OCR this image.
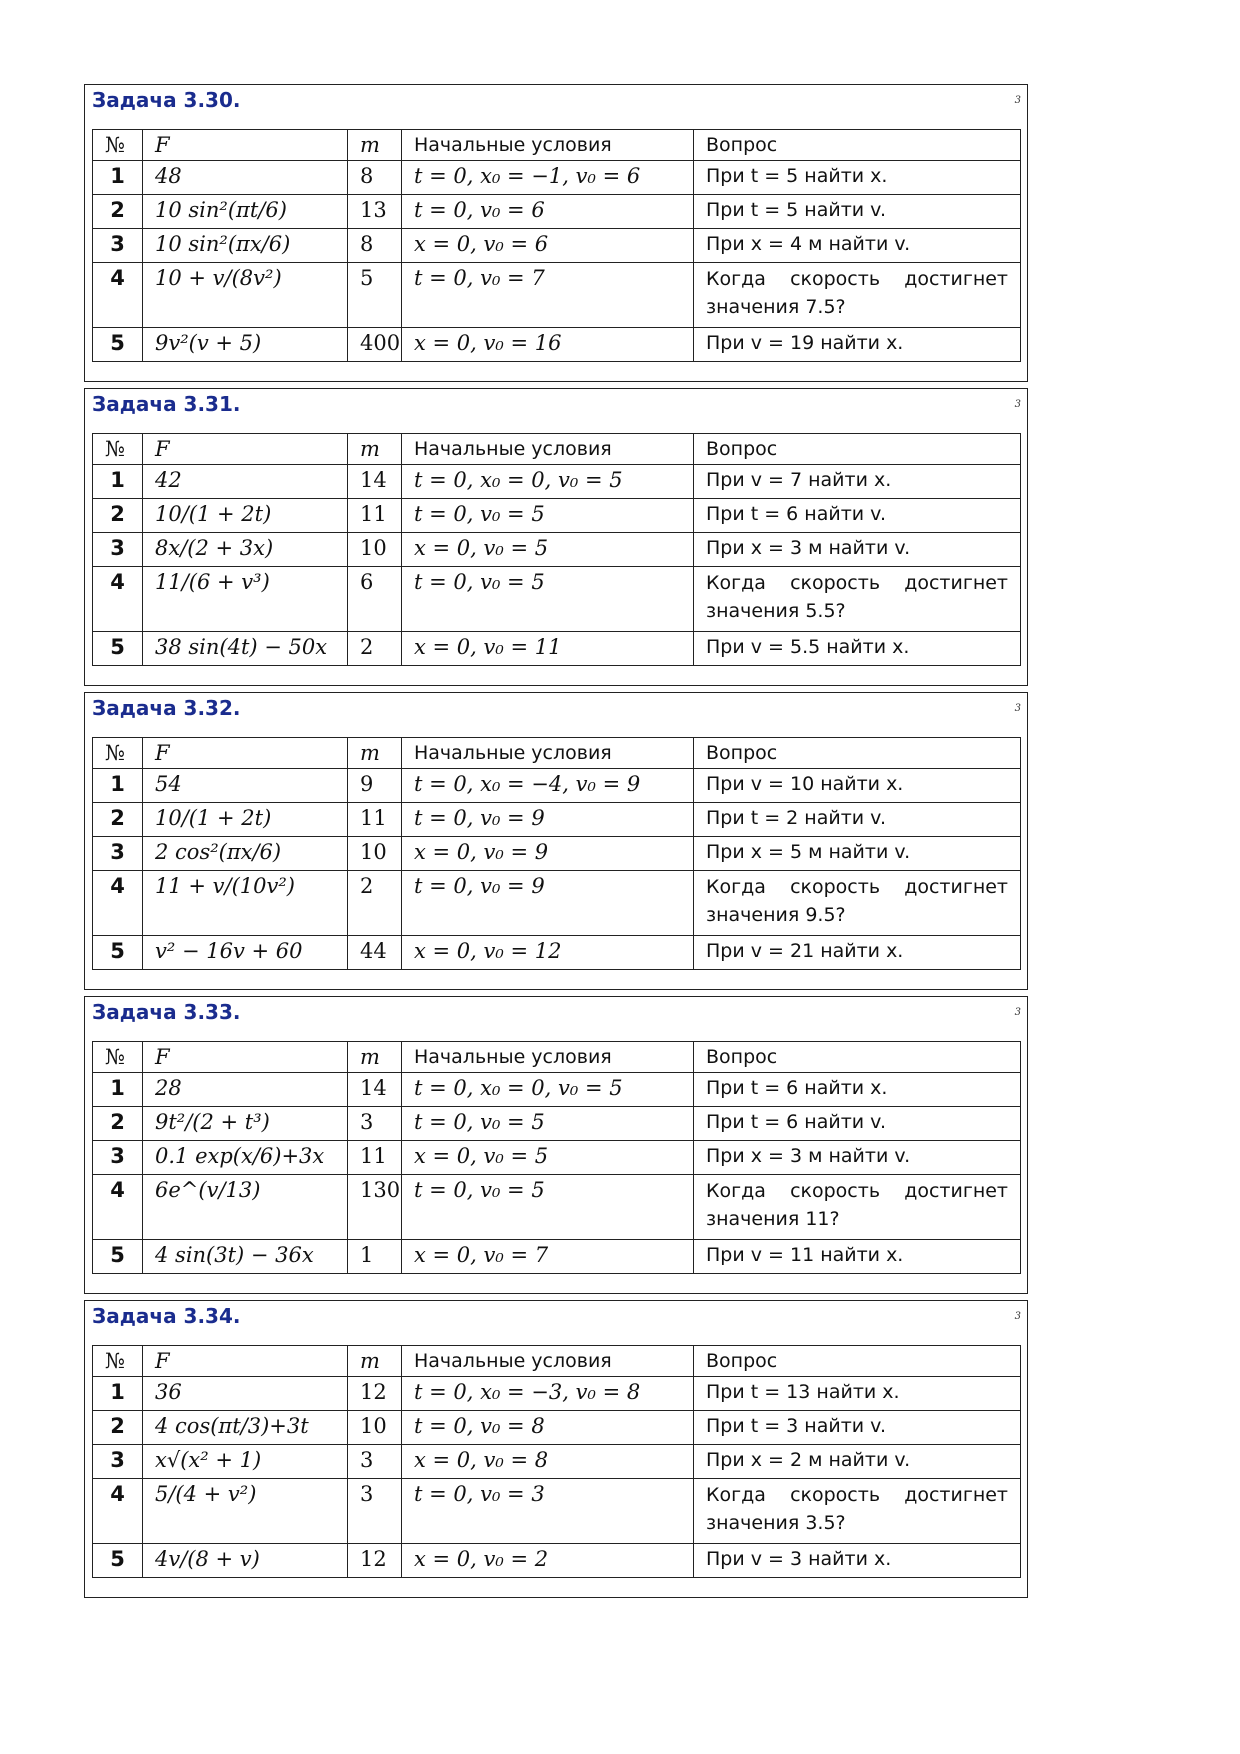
Задача 3.30.	3
№	F	m	Начальные условия	Вопрос
1	48	8	t = 0, x₀ = −1, v₀ = 6	При t = 5 найти x.
2	10 sin²(πt/6)	13	t = 0, v₀ = 6	При t = 5 найти v.
3	10 sin²(πx/6)	8	x = 0, v₀ = 6	При x = 4 м найти v.
4	10 + v/(8v²)	5	t = 0, v₀ = 7	Когда скорость достигнет значения 7.5?
5	9v²(v + 5)	400	x = 0, v₀ = 16	При v = 19 найти x.
Задача 3.31.	3
№	F	m	Начальные условия	Вопрос
1	42	14	t = 0, x₀ = 0, v₀ = 5	При v = 7 найти x.
2	10/(1 + 2t)	11	t = 0, v₀ = 5	При t = 6 найти v.
3	8x/(2 + 3x)	10	x = 0, v₀ = 5	При x = 3 м найти v.
4	11/(6 + v³)	6	t = 0, v₀ = 5	Когда скорость достигнет значения 5.5?
5	38 sin(4t) − 50x	2	x = 0, v₀ = 11	При v = 5.5 найти x.
Задача 3.32.	3
№	F	m	Начальные условия	Вопрос
1	54	9	t = 0, x₀ = −4, v₀ = 9	При v = 10 найти x.
2	10/(1 + 2t)	11	t = 0, v₀ = 9	При t = 2 найти v.
3	2 cos²(πx/6)	10	x = 0, v₀ = 9	При x = 5 м найти v.
4	11 + v/(10v²)	2	t = 0, v₀ = 9	Когда скорость достигнет значения 9.5?
5	v² − 16v + 60	44	x = 0, v₀ = 12	При v = 21 найти x.
Задача 3.33.	3
№	F	m	Начальные условия	Вопрос
1	28	14	t = 0, x₀ = 0, v₀ = 5	При t = 6 найти x.
2	9t²/(2 + t³)	3	t = 0, v₀ = 5	При t = 6 найти v.
3	0.1 exp(x/6)+3x	11	x = 0, v₀ = 5	При x = 3 м найти v.
4	6e^(v/13)	130	t = 0, v₀ = 5	Когда скорость достигнет значения 11?
5	4 sin(3t) − 36x	1	x = 0, v₀ = 7	При v = 11 найти x.
Задача 3.34.	3
№	F	m	Начальные условия	Вопрос
1	36	12	t = 0, x₀ = −3, v₀ = 8	При t = 13 найти x.
2	4 cos(πt/3)+3t	10	t = 0, v₀ = 8	При t = 3 найти v.
3	x√(x² + 1)	3	x = 0, v₀ = 8	При x = 2 м найти v.
4	5/(4 + v²)	3	t = 0, v₀ = 3	Когда скорость достигнет значения 3.5?
5	4v/(8 + v)	12	x = 0, v₀ = 2	При v = 3 найти x.
